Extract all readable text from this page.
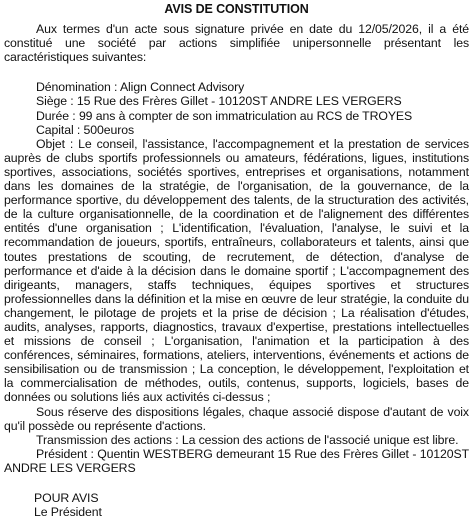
AVIS DE CONSTITUTION

Aux termes d'un acte sous signature privée en date du 12/05/2026, il a été constitué une société par actions simplifiée unipersonnelle présentant les caractéristiques suivantes:

Dénomination : Align Connect Advisory
Siège : 15 Rue des Frères Gillet - 10120ST ANDRE LES VERGERS
Durée : 99 ans à compter de son immatriculation au RCS de TROYES
Capital : 500euros

Objet : Le conseil, l'assistance, l'accompagnement et la prestation de services auprès de clubs sportifs professionnels ou amateurs, fédérations, ligues, institutions sportives, associations, sociétés sportives, entreprises et organisations, notamment dans les domaines de la stratégie, de l'organisation, de la gouvernance, de la performance sportive, du développement des talents, de la structuration des activités, de la culture organisationnelle, de la coordination et de l'alignement des différentes entités d'une organisation ; L'identification, l'évaluation, l'analyse, le suivi et la recommandation de joueurs, sportifs, entraîneurs, collaborateurs et talents, ainsi que toutes prestations de scouting, de recrutement, de détection, d'analyse de performance et d'aide à la décision dans le domaine sportif ; L'accompagnement des dirigeants, managers, staffs techniques, équipes sportives et structures professionnelles dans la définition et la mise en œuvre de leur stratégie, la conduite du changement, le pilotage de projets et la prise de décision ; La réalisation d'études, audits, analyses, rapports, diagnostics, travaux d'expertise, prestations intellectuelles et missions de conseil ; L'organisation, l'animation et la participation à des conférences, séminaires, formations, ateliers, interventions, événements et actions de sensibilisation ou de transmission ; La conception, le développement, l'exploitation et la commercialisation de méthodes, outils, contenus, supports, logiciels, bases de données ou solutions liés aux activités ci-dessus ;

Sous réserve des dispositions légales, chaque associé dispose d'autant de voix qu'il possède ou représente d'actions.

Transmission des actions : La cession des actions de l'associé unique est libre.

Président : Quentin WESTBERG demeurant 15 Rue des Frères Gillet - 10120ST ANDRE LES VERGERS

POUR AVIS
Le Président
